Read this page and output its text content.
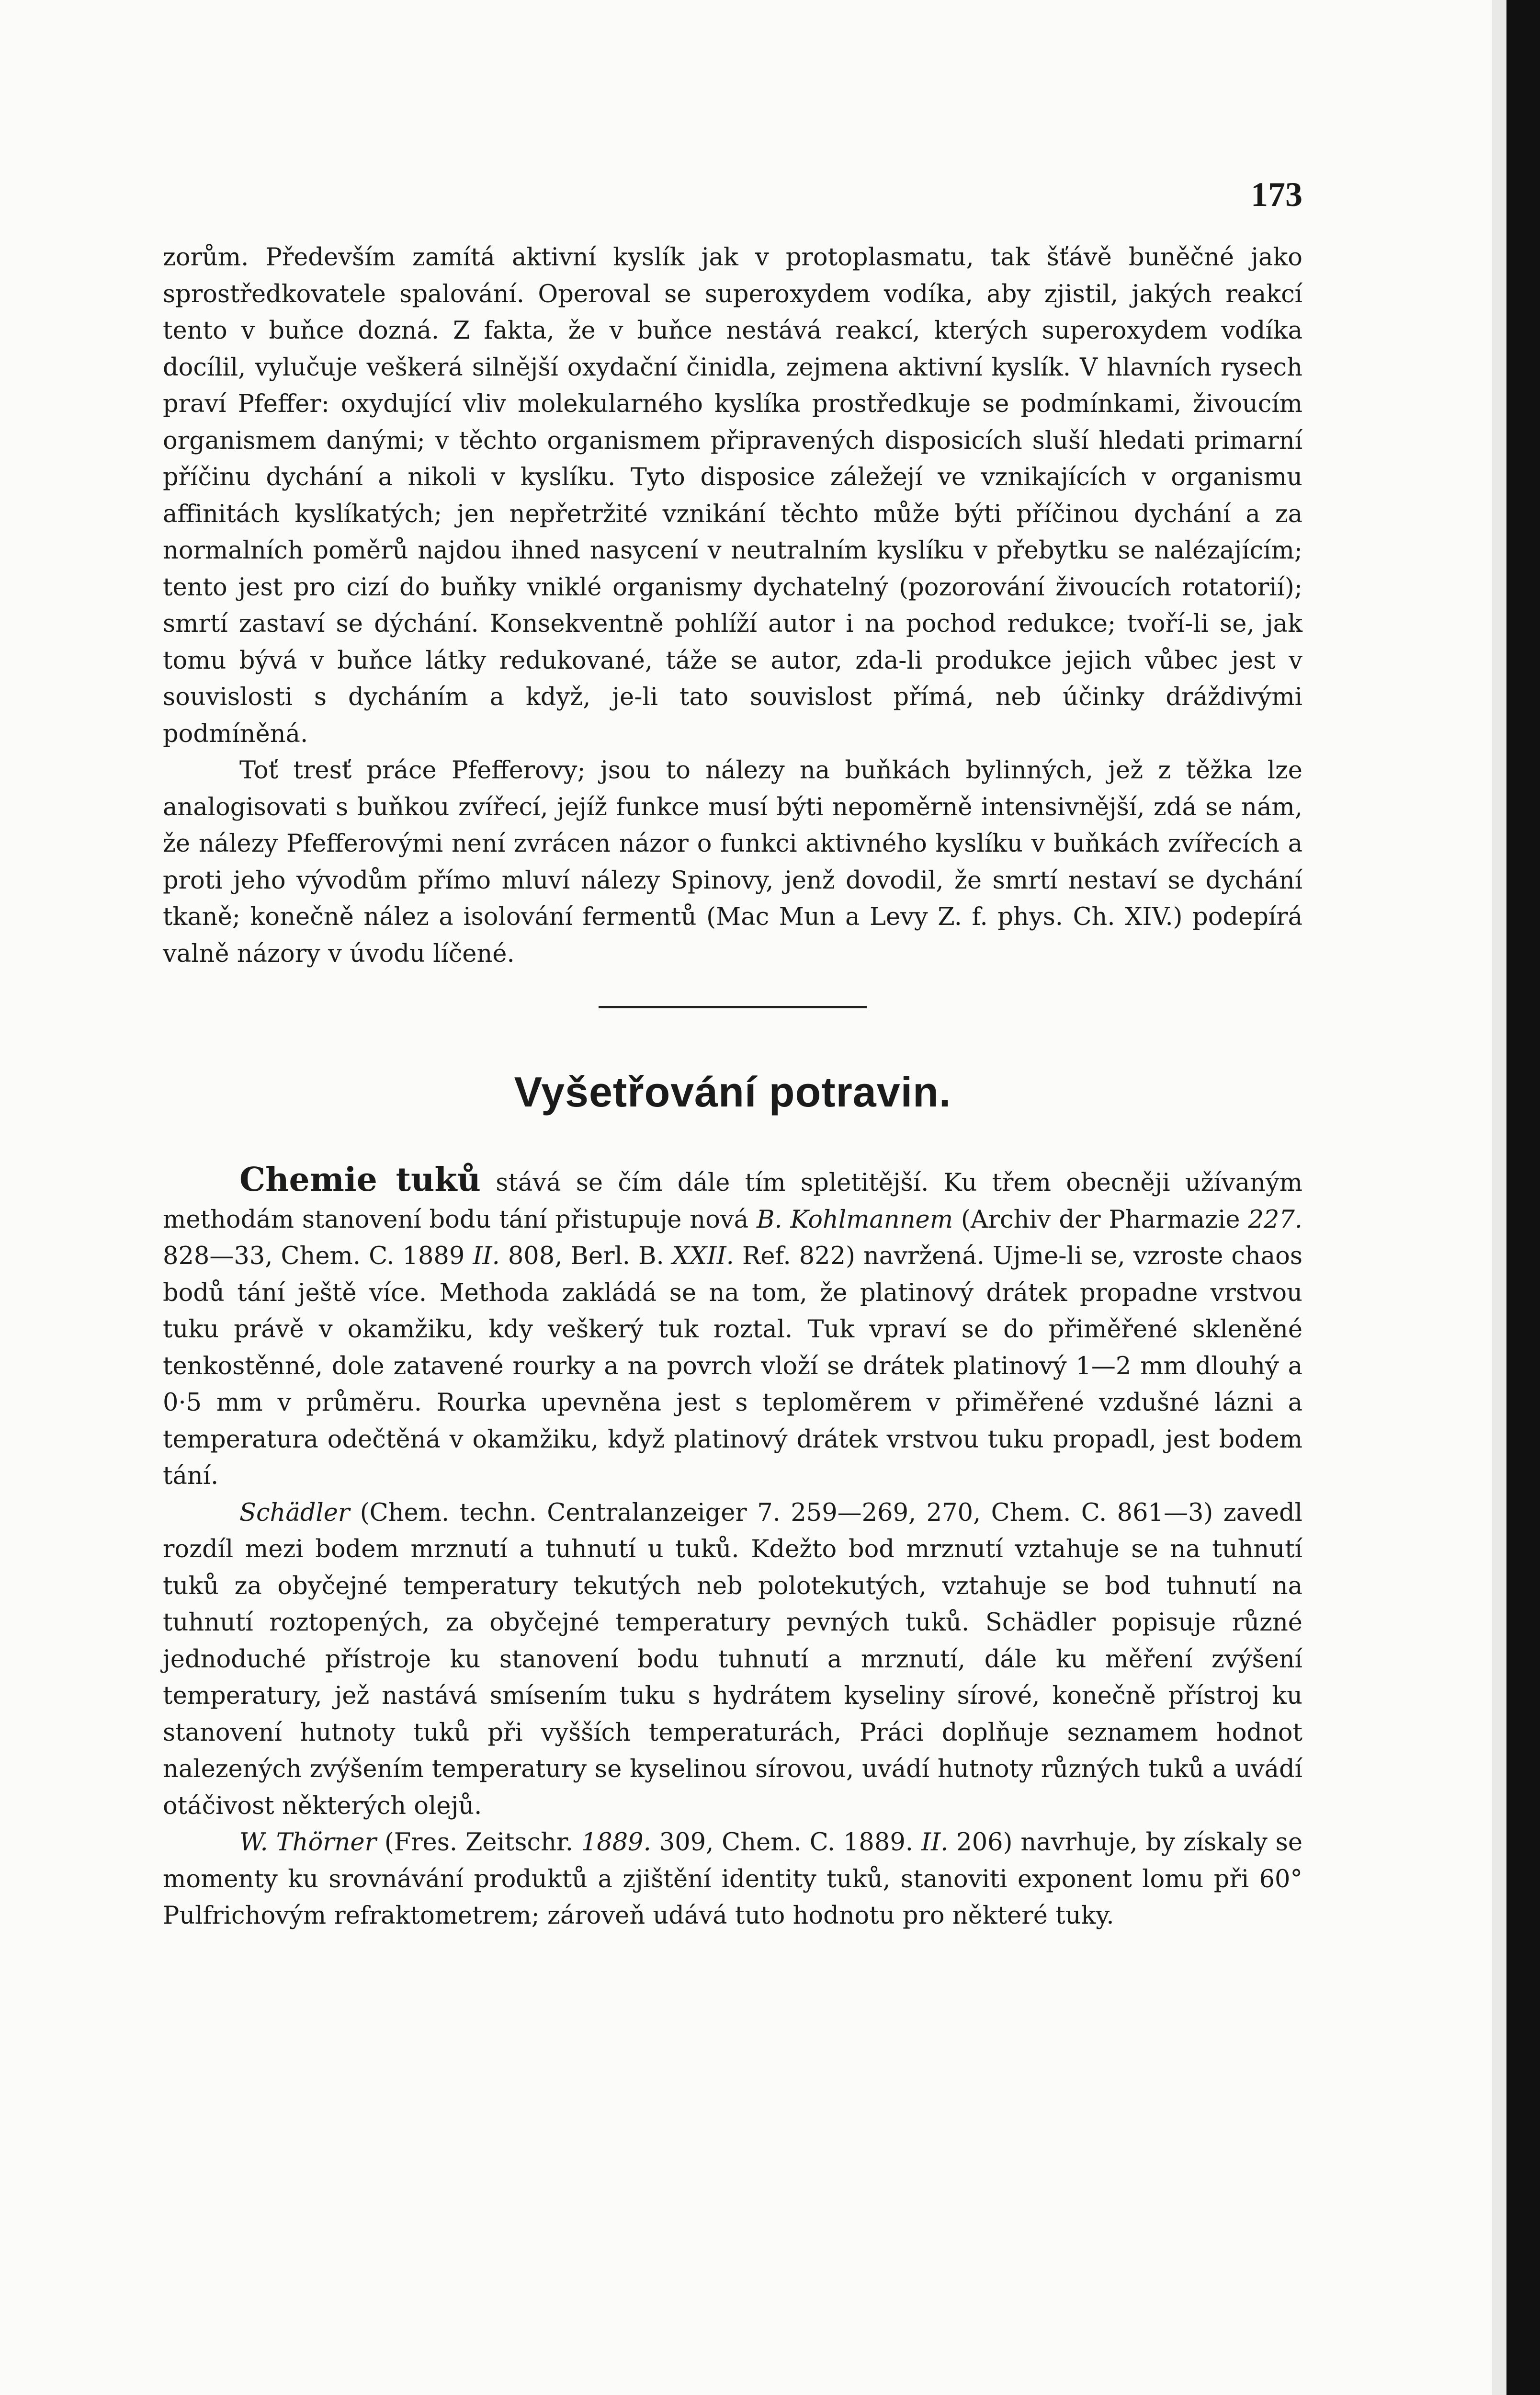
173

zorům. Především zamítá aktivní kyslík jak v protoplasmatu, tak šťávě buněčné jako sprostředkovatele spalování. Operoval se superoxydem vodíka, aby zjistil, jakých reakcí tento v buňce dozná. Z fakta, že v buňce nestává reakcí, kterých superoxydem vodíka docílil, vylučuje veškerá silnější oxydační činidla, zejmena aktivní kyslík. V hlavních rysech praví Pfeffer: oxydující vliv molekularného kyslíka prostředkuje se podmínkami, živoucím organismem danými; v těchto organismem připravených disposicích sluší hledati primarní příčinu dychání a nikoli v kyslíku. Tyto disposice záležejí ve vznikajících v organismu affinitách kyslíkatých; jen nepřetržité vznikání těchto může býti příčinou dychání a za normalních poměrů najdou ihned nasycení v neutralním kyslíku v přebytku se nalézajícím; tento jest pro cizí do buňky vniklé organismy dychatelný (pozorování živoucích rotatorií); smrtí zastaví se dýchání. Konsekventně pohlíží autor i na pochod redukce; tvoří-li se, jak tomu bývá v buňce látky redukované, táže se autor, zda-li produkce jejich vůbec jest v souvislosti s dycháním a když, je-li tato souvislost přímá, neb účinky dráždivými podmíněná.

Toť tresť práce Pfefferovy; jsou to nálezy na buňkách bylinných, jež z těžka lze analogisovati s buňkou zvířecí, jejíž funkce musí býti nepoměrně intensivnější, zdá se nám, že nálezy Pfefferovými není zvrácen názor o funkci aktivného kyslíku v buňkách zvířecích a proti jeho vývodům přímo mluví nálezy Spinovy, jenž dovodil, že smrtí nestaví se dychání tkaně; konečně nález a isolování fermentů (Mac Mun a Levy Z. f. phys. Ch. XIV.) podepírá valně názory v úvodu líčené.

Vyšetřování potravin.

Chemie tuků stává se čím dále tím spletitější. Ku třem obecněji užívaným methodám stanovení bodu tání přistupuje nová B. Kohlmannem (Archiv der Pharmazie 227. 828—33, Chem. C. 1889 II. 808, Berl. B. XXII. Ref. 822) navržená. Ujme-li se, vzroste chaos bodů tání ještě více. Methoda zakládá se na tom, že platinový drátek propadne vrstvou tuku právě v okamžiku, kdy veškerý tuk roztal. Tuk vpraví se do přiměřené skleněné tenkostěnné, dole zatavené rourky a na povrch vloží se drátek platinový 1—2 mm dlouhý a 0·5 mm v průměru. Rourka upevněna jest s teploměrem v přiměřené vzdušné lázni a temperatura odečtěná v okamžiku, když platinový drátek vrstvou tuku propadl, jest bodem tání.

Schädler (Chem. techn. Centralanzeiger 7. 259—269, 270, Chem. C. 861—3) zavedl rozdíl mezi bodem mrznutí a tuhnutí u tuků. Kdežto bod mrznutí vztahuje se na tuhnutí tuků za obyčejné temperatury tekutých neb polotekutých, vztahuje se bod tuhnutí na tuhnutí roztopených, za obyčejné temperatury pevných tuků. Schädler popisuje různé jednoduché přístroje ku stanovení bodu tuhnutí a mrznutí, dále ku měření zvýšení temperatury, jež nastává smísením tuku s hydrátem kyseliny sírové, konečně přístroj ku stanovení hutnoty tuků při vyšších temperaturách, Práci doplňuje seznamem hodnot nalezených zvýšením temperatury se kyselinou sírovou, uvádí hutnoty různých tuků a uvádí otáčivost některých olejů.

W. Thörner (Fres. Zeitschr. 1889. 309, Chem. C. 1889. II. 206) navrhuje, by získaly se momenty ku srovnávání produktů a zjištění identity tuků, stanoviti exponent lomu při 60° Pulfrichovým refraktometrem; zároveň udává tuto hodnotu pro některé tuky.
